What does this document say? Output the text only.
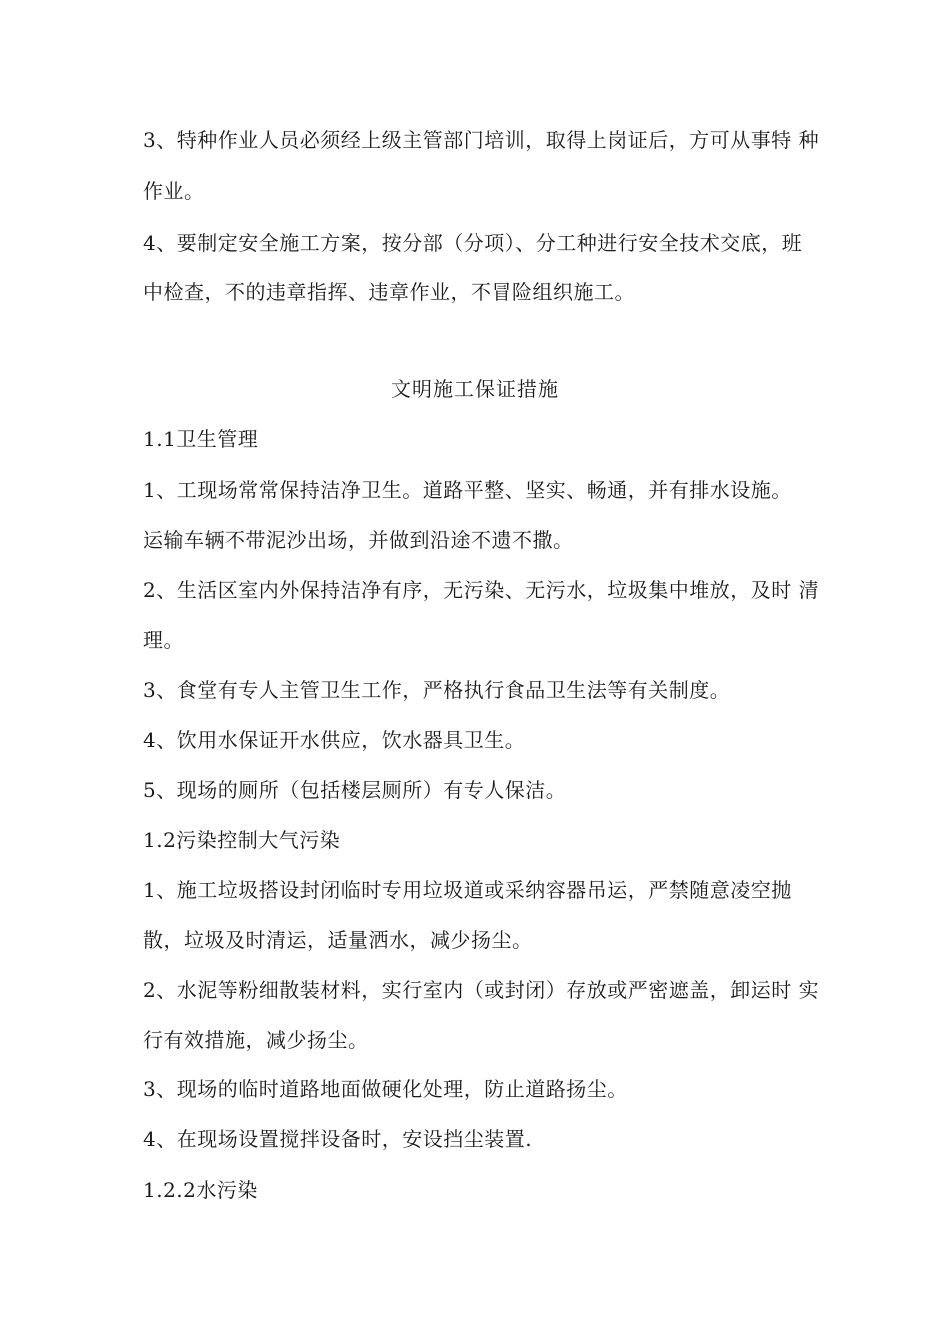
3、特种作业人员必须经上级主管部门培训，取得上岗证后，方可从事特 种
作业。
4、要制定安全施工方案，按分部（分项）、分工种进行安全技术交底，班
中检查，不的违章指挥、违章作业，不冒险组织施工。
文明施工保证措施
1.1卫生管理
1、工现场常常保持洁净卫生。道路平整、坚实、畅通，并有排水设施。
运输车辆不带泥沙出场，并做到沿途不遗不撒。
2、生活区室内外保持洁净有序，无污染、无污水，垃圾集中堆放，及时 清
理。
3、食堂有专人主管卫生工作，严格执行食品卫生法等有关制度。
4、饮用水保证开水供应，饮水器具卫生。
5、现场的厕所（包括楼层厕所）有专人保洁。
1.2污染控制大气污染
1、施工垃圾搭设封闭临时专用垃圾道或采纳容器吊运，严禁随意凌空抛
散，垃圾及时清运，适量洒水，减少扬尘。
2、水泥等粉细散装材料，实行室内（或封闭）存放或严密遮盖，卸运时 实
行有效措施，减少扬尘。
3、现场的临时道路地面做硬化处理，防止道路扬尘。
4、在现场设置搅拌设备时，安设挡尘装置.
1.2.2水污染
